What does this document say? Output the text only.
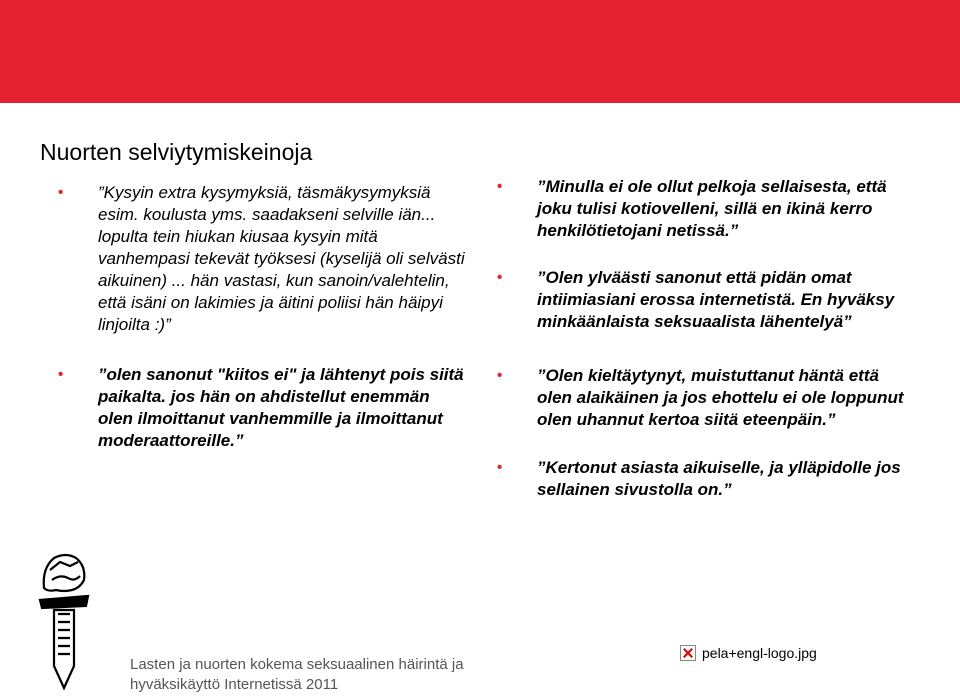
Nuorten selviytymiskeinoja
• ”Kysyin extra kysymyksiä, täsmäkysymyksiä esim. koulusta yms. saadakseni selville iän... lopulta tein hiukan kiusaa kysyin mitä vanhempasi tekevät työksesi (kyselijä oli selvästi aikuinen) ... hän vastasi, kun sanoin/valehtelin, että isäni on lakimies ja äitini poliisi hän häipyi linjoilta :)”
• ”olen sanonut "kiitos ei" ja lähtenyt pois siitä paikalta. jos hän on ahdistellut enemmän olen ilmoittanut vanhemmille ja ilmoittanut moderaattoreille.”
• ”Minulla ei ole ollut pelkoja sellaisesta, että joku tulisi kotiovelleni, sillä en ikinä kerro henkilötietojani netissä.”
• ”Olen ylväästi sanonut että pidän omat intiimiasiani erossa internetistä. En hyväksy minkäänlaista seksuaalista lähentelyä”
• ”Olen kieltäytynyt, muistuttanut häntä että olen alaikäinen ja jos ehottelu ei ole loppunut olen uhannut kertoa siitä eteenpäin.”
• ”Kertonut asiasta aikuiselle, ja ylläpidolle jos sellainen sivustolla on.”
Lasten ja nuorten kokema seksuaalinen häirintä ja
hyväksikäyttö Internetissä 2011
pela+engl-logo.jpg
